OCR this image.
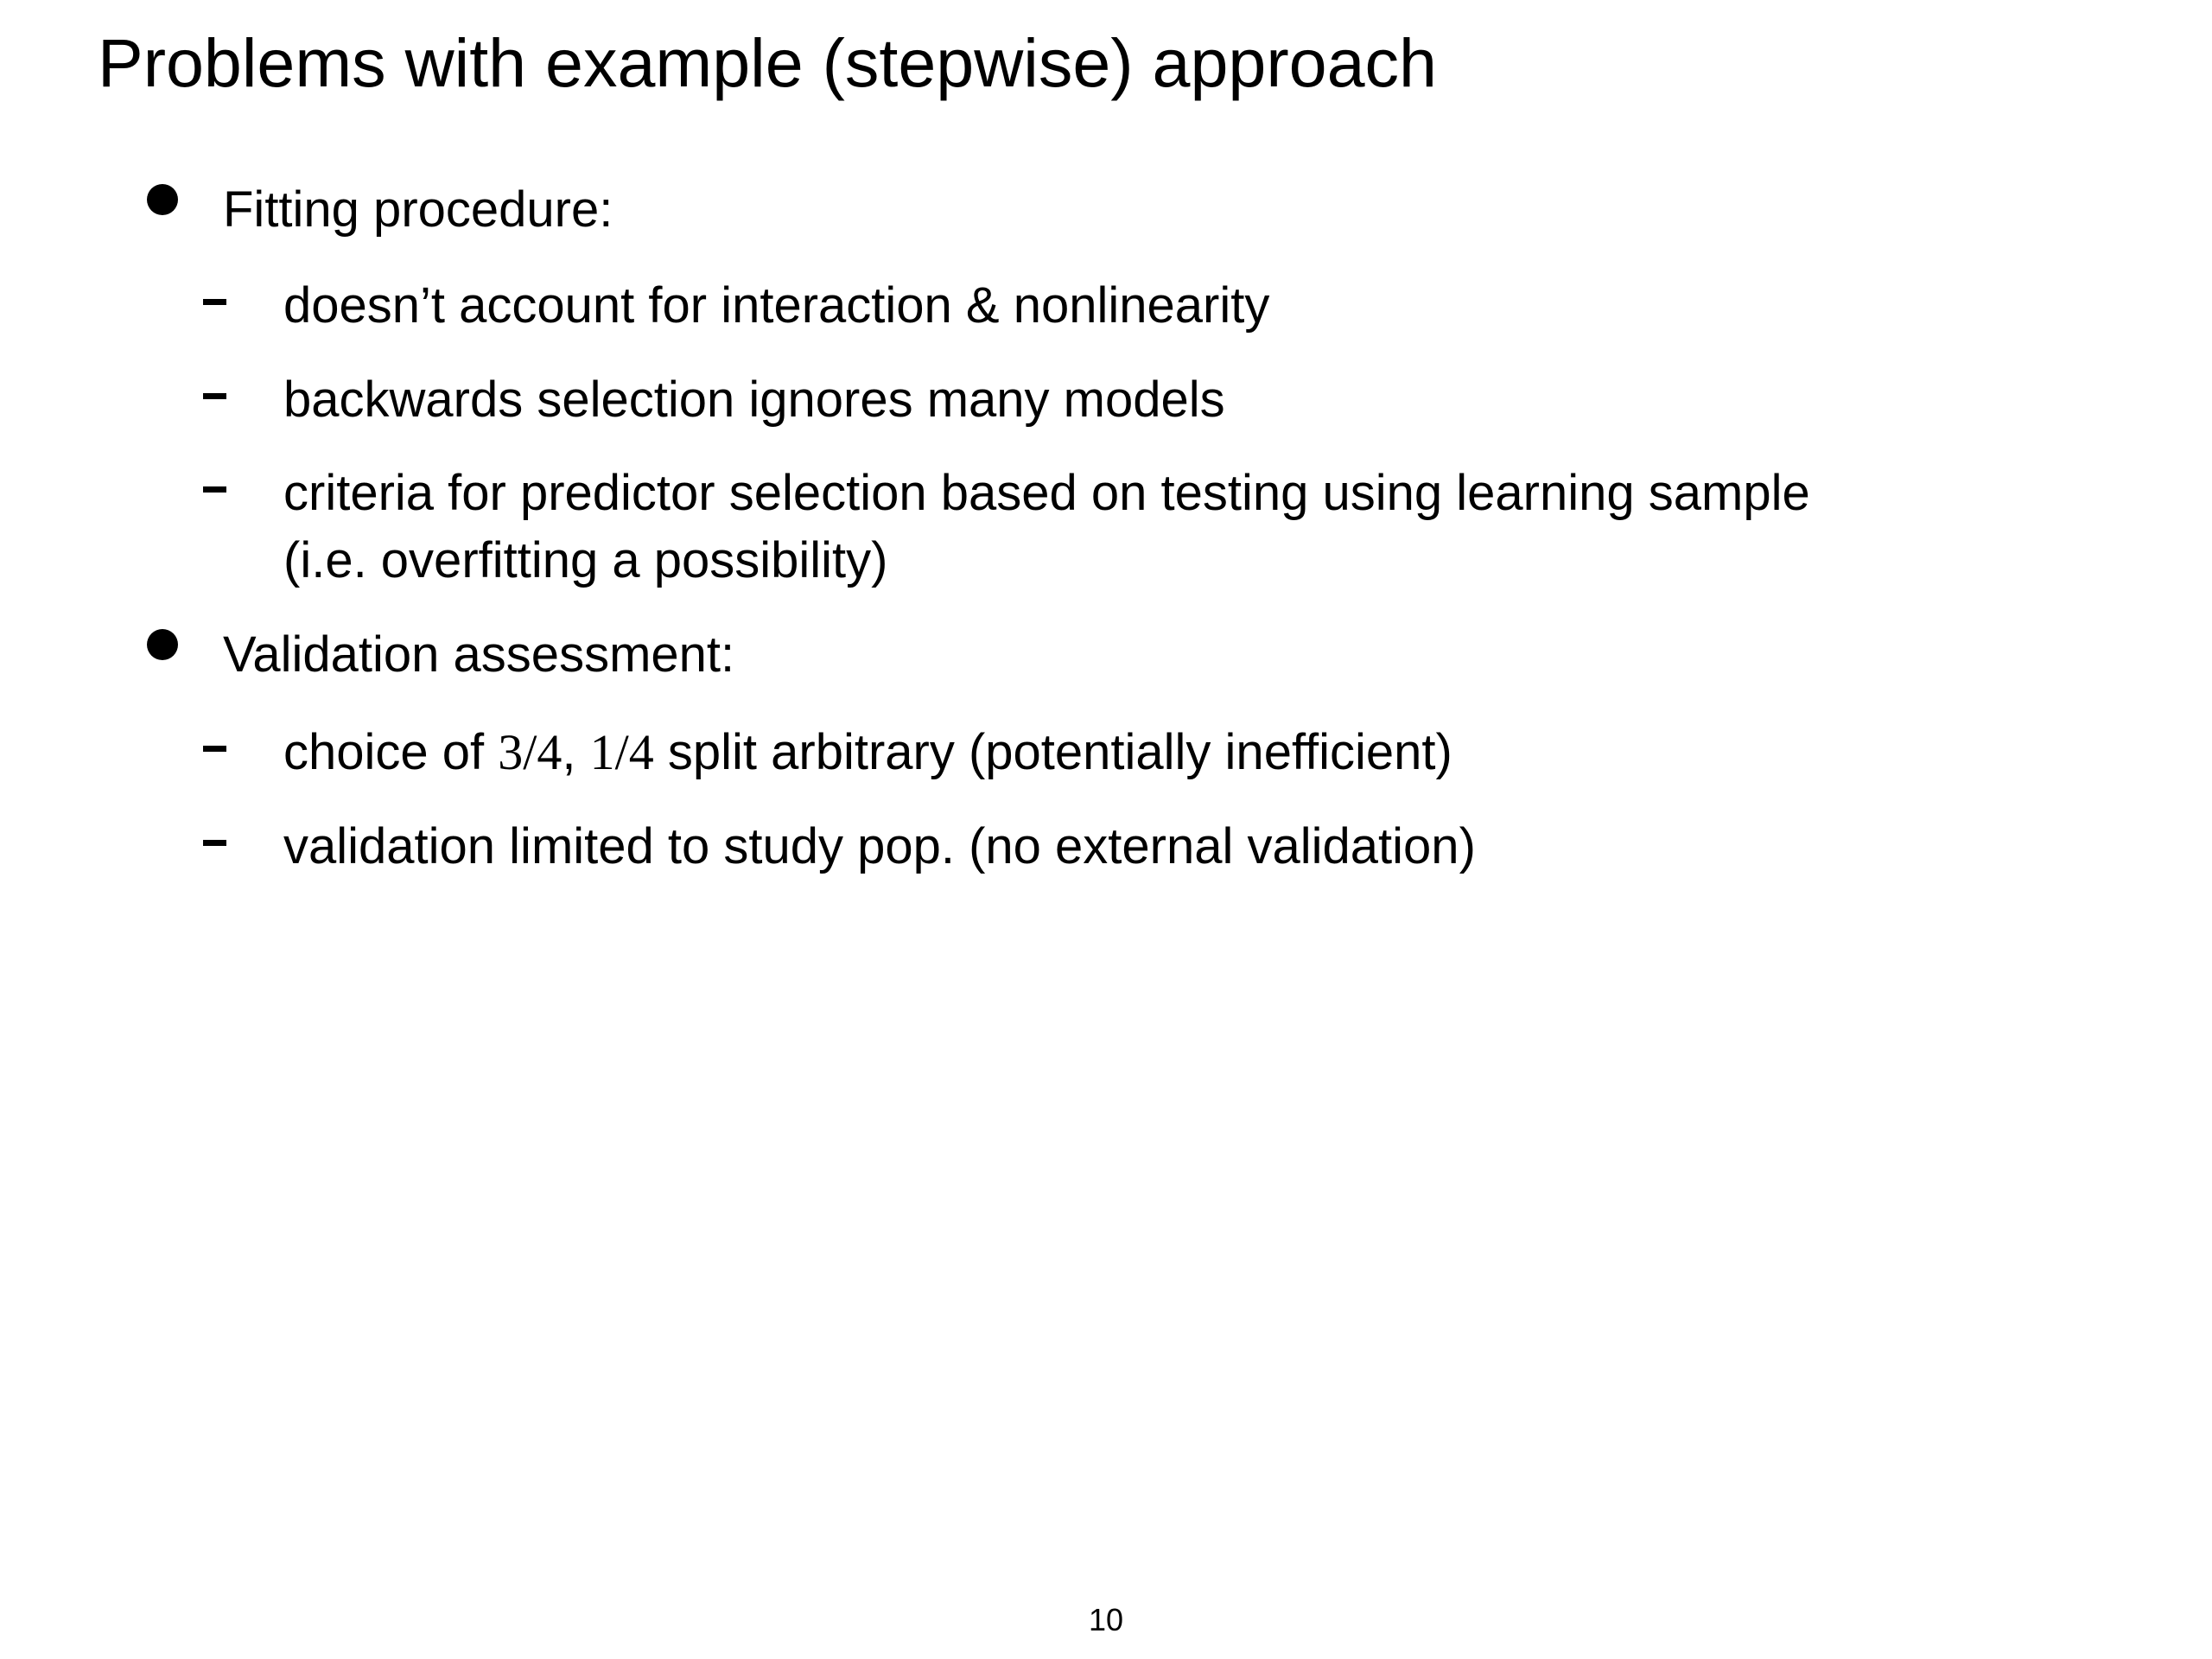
Problems with example (stepwise) approach
Fitting procedure:
doesn’t account for interaction & nonlinearity
backwards selection ignores many models
criteria for predictor selection based on testing using learning sample
(i.e. overfitting a possibility)
Validation assessment:
choice of 3/4, 1/4 split arbitrary (potentially inefficient)
validation limited to study pop. (no external validation)
10
